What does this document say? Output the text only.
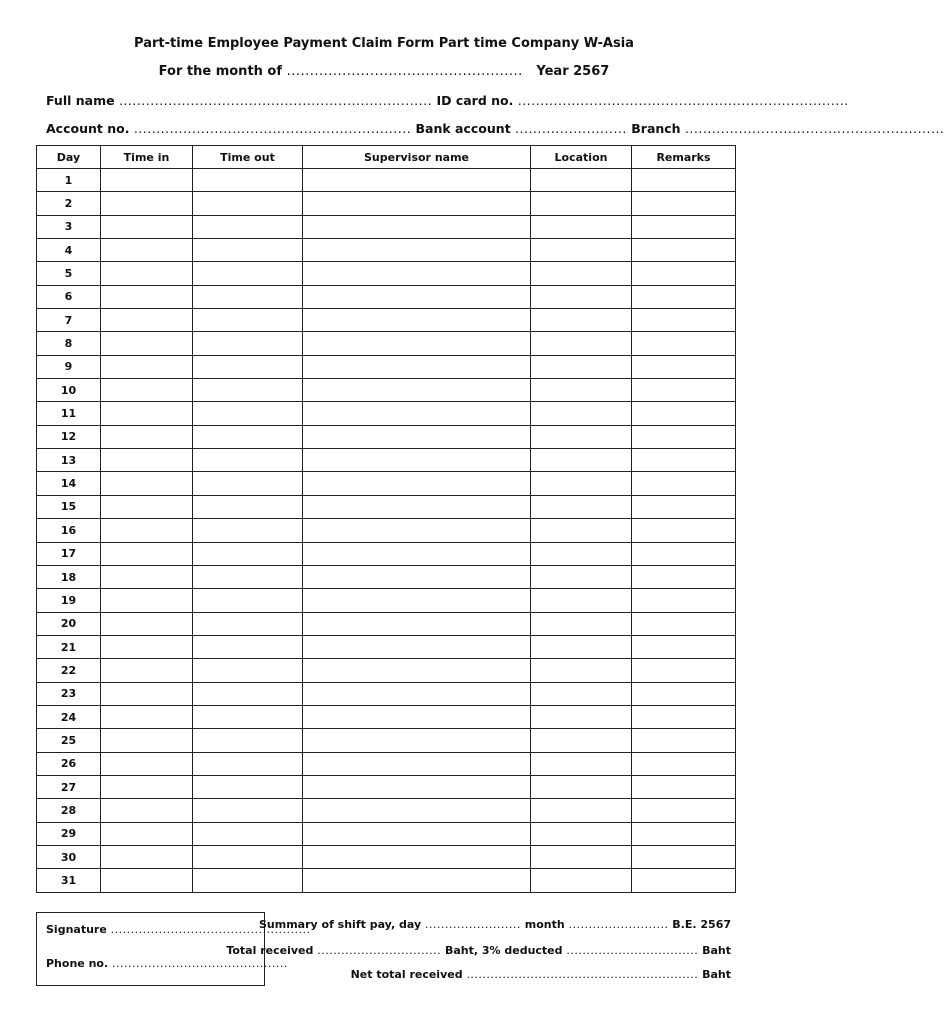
Part-time Employee Payment Claim Form Part time Company W-Asia
For the month of ................................................... Year 2567
Full name ...................................................................... ID card no. ..........................................................................
Account no. .............................................................. Bank account ......................... Branch ..........................................................
Day	Time in	Time out	Supervisor name	Location	Remarks
1					
2					
3					
4					
5					
6					
7					
8					
9					
10					
11					
12					
13					
14					
15					
16					
17					
18					
19					
20					
21					
22					
23					
24					
25					
26					
27					
28					
29					
30					
31					
Signature ..................................................
Phone no. ............................................
Summary of shift pay, day ........................ month ......................... B.E. 2567
Total received ............................... Baht, 3% deducted ................................. Baht
Net total received .......................................................... Baht
